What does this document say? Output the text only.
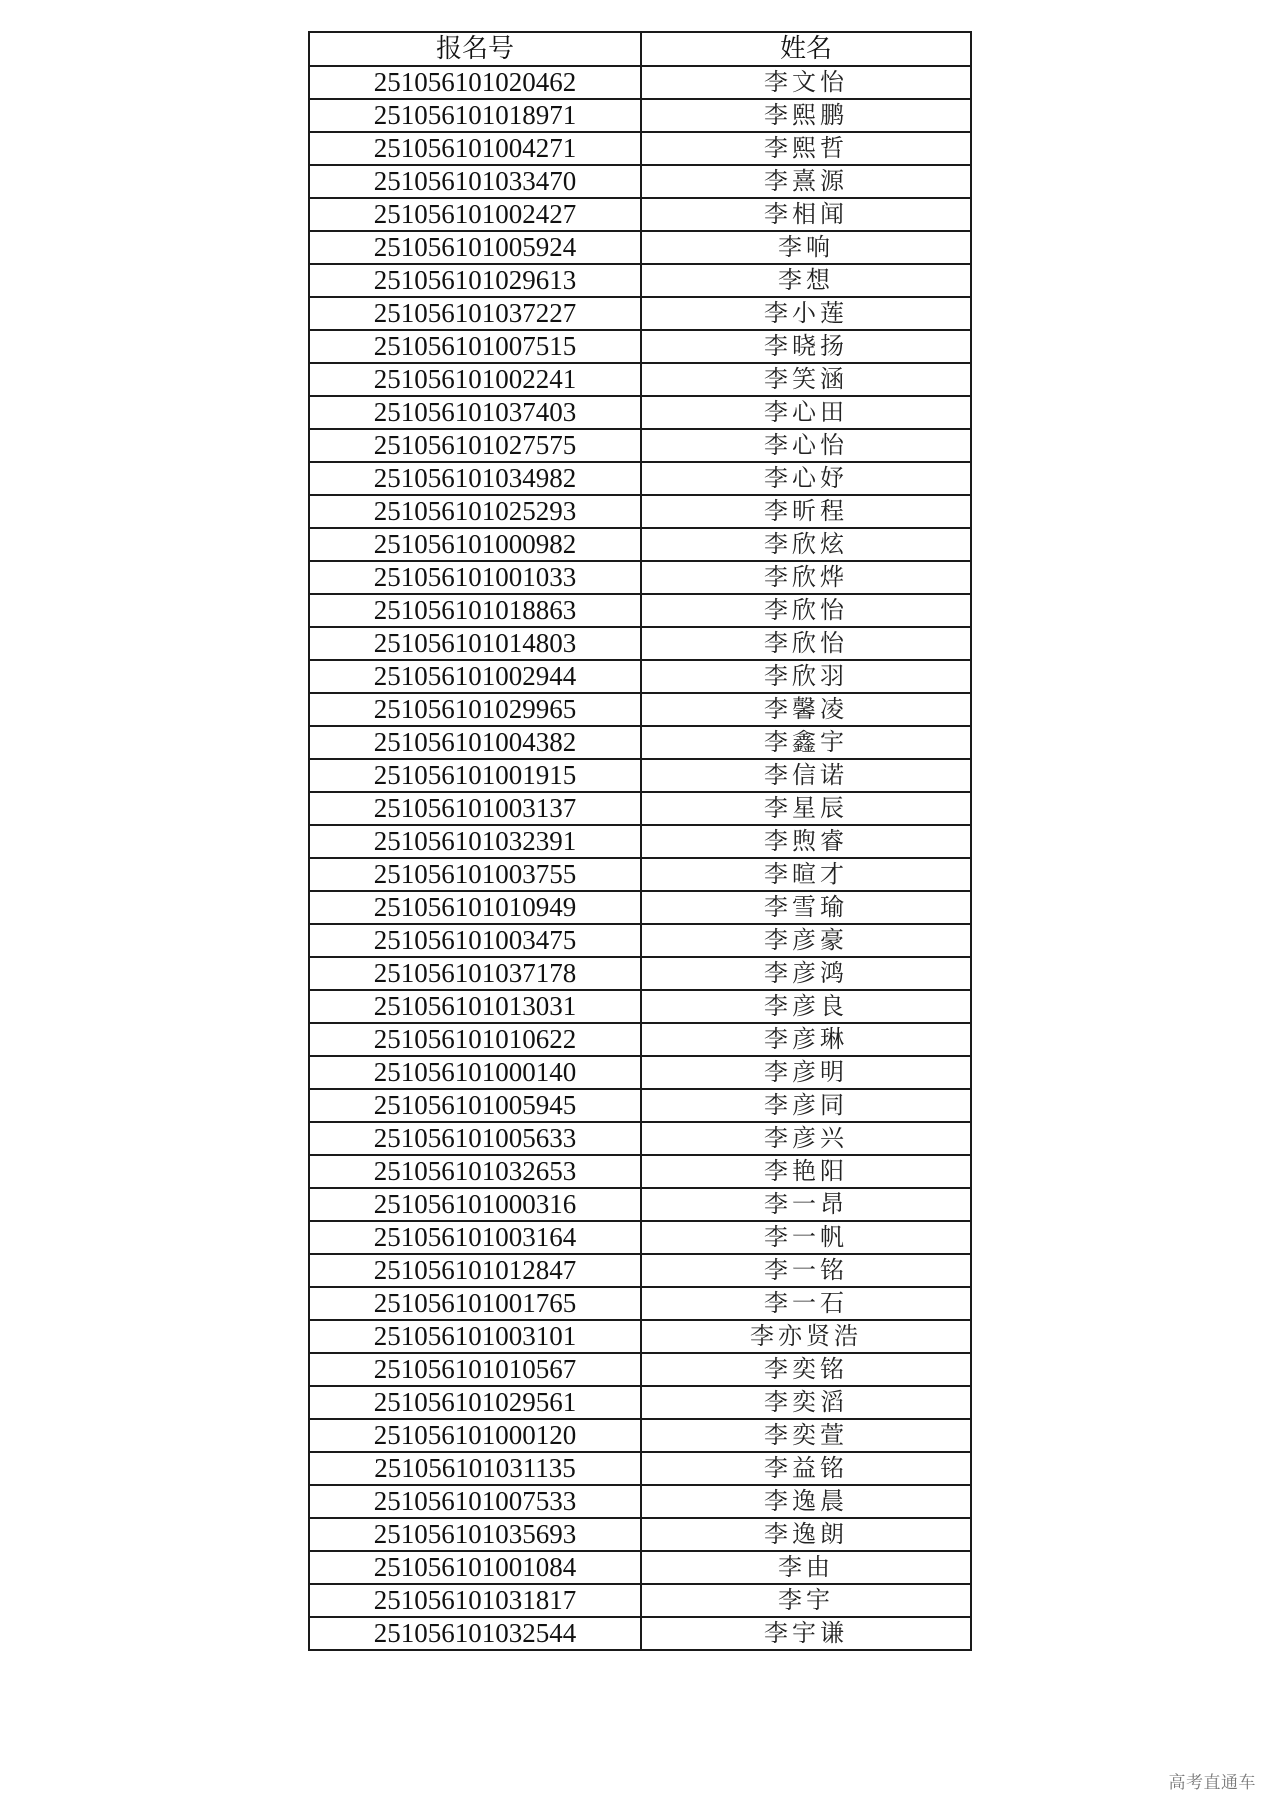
报名号	姓名
251056101020462	李文怡
251056101018971	李熙鹏
251056101004271	李熙哲
251056101033470	李熹源
251056101002427	李相闻
251056101005924	李响
251056101029613	李想
251056101037227	李小莲
251056101007515	李晓扬
251056101002241	李笑涵
251056101037403	李心田
251056101027575	李心怡
251056101034982	李心妤
251056101025293	李昕程
251056101000982	李欣炫
251056101001033	李欣烨
251056101018863	李欣怡
251056101014803	李欣怡
251056101002944	李欣羽
251056101029965	李馨凌
251056101004382	李鑫宇
251056101001915	李信诺
251056101003137	李星辰
251056101032391	李煦睿
251056101003755	李暄才
251056101010949	李雪瑜
251056101003475	李彦豪
251056101037178	李彦鸿
251056101013031	李彦良
251056101010622	李彦琳
251056101000140	李彦明
251056101005945	李彦同
251056101005633	李彦兴
251056101032653	李艳阳
251056101000316	李一昂
251056101003164	李一帆
251056101012847	李一铭
251056101001765	李一石
251056101003101	李亦贤浩
251056101010567	李奕铭
251056101029561	李奕滔
251056101000120	李奕萱
251056101031135	李益铭
251056101007533	李逸晨
251056101035693	李逸朗
251056101001084	李由
251056101031817	李宇
251056101032544	李宇谦
高考直通车
